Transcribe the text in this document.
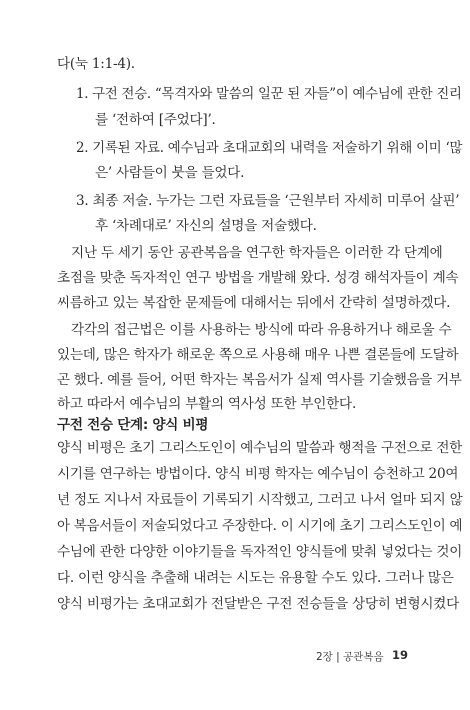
다(눅 1:1-4).
1. 구전 전승. “목격자와 말씀의 일꾼 된 자들”이 예수님에 관한 진리
를 ‘전하여 [주었다]’.
2. 기록된 자료. 예수님과 초대교회의 내력을 저술하기 위해 이미 ‘많
은’ 사람들이 붓을 들었다.
3. 최종 저술. 누가는 그런 자료들을 ‘근원부터 자세히 미루어 살핀’
후 ‘차례대로’ 자신의 설명을 저술했다.
지난 두 세기 동안 공관복음을 연구한 학자들은 이러한 각 단계에
초점을 맞춘 독자적인 연구 방법을 개발해 왔다. 성경 해석자들이 계속
씨름하고 있는 복잡한 문제들에 대해서는 뒤에서 간략히 설명하겠다.
각각의 접근법은 이를 사용하는 방식에 따라 유용하거나 해로울 수
있는데, 많은 학자가 해로운 쪽으로 사용해 매우 나쁜 결론들에 도달하
곤 했다. 예를 들어, 어떤 학자는 복음서가 실제 역사를 기술했음을 거부
하고 따라서 예수님의 부활의 역사성 또한 부인한다.
구전 전승 단계: 양식 비평
양식 비평은 초기 그리스도인이 예수님의 말씀과 행적을 구전으로 전한
시기를 연구하는 방법이다. 양식 비평 학자는 예수님이 승천하고 20여
년 정도 지나서 자료들이 기록되기 시작했고, 그러고 나서 얼마 되지 않
아 복음서들이 저술되었다고 주장한다. 이 시기에 초기 그리스도인이 예
수님에 관한 다양한 이야기들을 독자적인 양식들에 맞춰 넣었다는 것이
다. 이런 양식을 추출해 내려는 시도는 유용할 수도 있다. 그러나 많은
양식 비평가는 초대교회가 전달받은 구전 전승들을 상당히 변형시켰다
2장 | 공관복음 19
